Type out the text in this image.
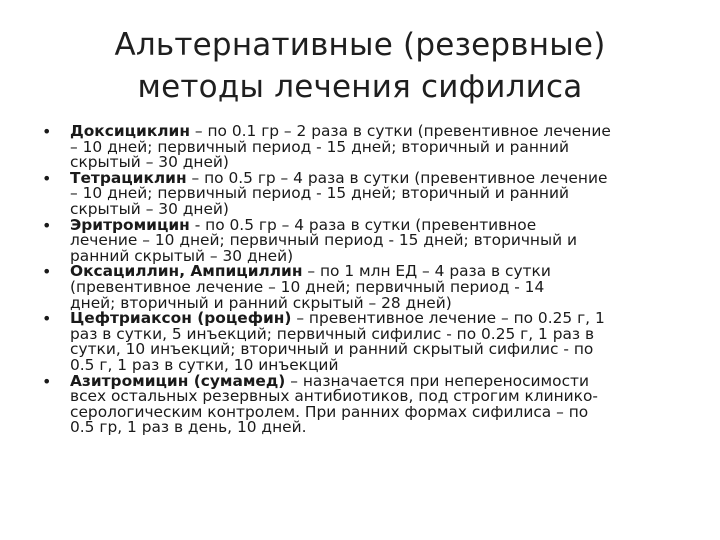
Альтернативные (резервные)
методы лечения сифилиса
• Доксициклин – по 0.1 гр – 2 раза в сутки (превентивное лечение
– 10 дней; первичный период - 15 дней; вторичный и ранний
скрытый – 30 дней)
• Тетрациклин – по 0.5 гр – 4 раза в сутки (превентивное лечение
– 10 дней; первичный период - 15 дней; вторичный и ранний
скрытый – 30 дней)
• Эритромицин - по 0.5 гр – 4 раза в сутки (превентивное
лечение – 10 дней; первичный период - 15 дней; вторичный и
ранний скрытый – 30 дней)
• Оксациллин, Ампициллин – по 1 млн ЕД – 4 раза в сутки
(превентивное лечение – 10 дней; первичный период - 14
дней; вторичный и ранний скрытый – 28 дней)
• Цефтриаксон (роцефин) – превентивное лечение – по 0.25 г, 1
раз в сутки, 5 инъекций; первичный сифилис - по 0.25 г, 1 раз в
сутки, 10 инъекций; вторичный и ранний скрытый сифилис - по
0.5 г, 1 раз в сутки, 10 инъекций
• Азитромицин (сумамед) – назначается при непереносимости
всех остальных резервных антибиотиков, под строгим клинико-
серологическим контролем. При ранних формах сифилиса – по
0.5 гр, 1 раз в день, 10 дней.
